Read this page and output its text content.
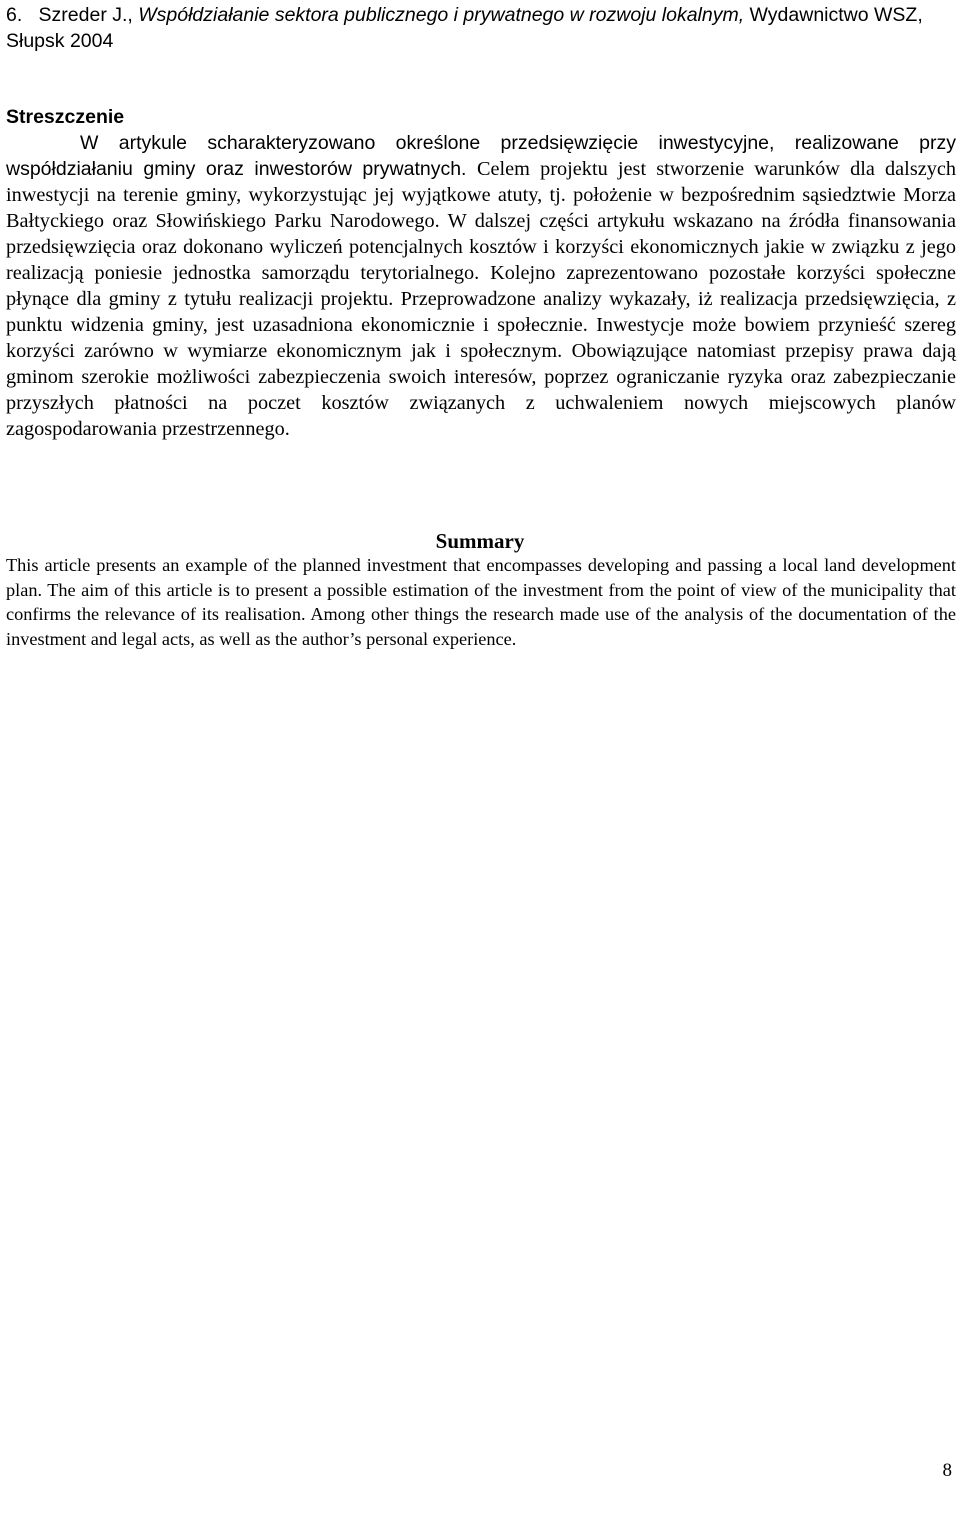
6. Szreder J., Współdziałanie sektora publicznego i prywatnego w rozwoju lokalnym, Wydawnictwo WSZ, Słupsk 2004
Streszczenie
W artykule scharakteryzowano określone przedsięwzięcie inwestycyjne, realizowane przy współdziałaniu gminy oraz inwestorów prywatnych. Celem projektu jest stworzenie warunków dla dalszych inwestycji na terenie gminy, wykorzystując jej wyjątkowe atuty, tj. położenie w bezpośrednim sąsiedztwie Morza Bałtyckiego oraz Słowińskiego Parku Narodowego. W dalszej części artykułu wskazano na źródła finansowania przedsięwzięcia oraz dokonano wyliczeń potencjalnych kosztów i korzyści ekonomicznych jakie w związku z jego realizacją poniesie jednostka samorządu terytorialnego. Kolejno zaprezentowano pozostałe korzyści społeczne płynące dla gminy z tytułu realizacji projektu. Przeprowadzone analizy wykazały, iż realizacja przedsięwzięcia, z punktu widzenia gminy, jest uzasadniona ekonomicznie i społecznie. Inwestycje może bowiem przynieść szereg korzyści zarówno w wymiarze ekonomicznym jak i społecznym. Obowiązujące natomiast przepisy prawa dają gminom szerokie możliwości zabezpieczenia swoich interesów, poprzez ograniczanie ryzyka oraz zabezpieczanie przyszłych płatności na poczet kosztów związanych z uchwaleniem nowych miejscowych planów zagospodarowania przestrzennego.
Summary
This article presents an example of the planned investment that encompasses developing and passing a local land development plan. The aim of this article is to present a possible estimation of the investment from the point of view of the municipality that confirms the relevance of its realisation. Among other things the research made use of the analysis of the documentation of the investment and legal acts, as well as the author’s personal experience.
8
